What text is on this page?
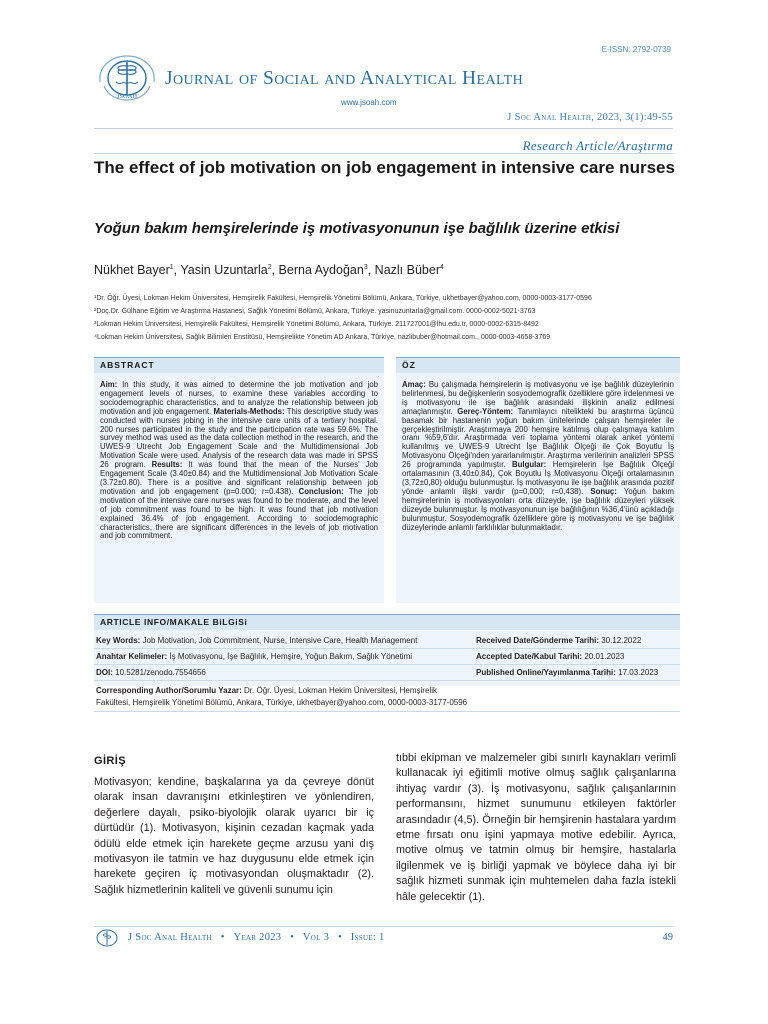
E-ISSN: 2792-0739
JSOAH
Journal of Social and Analytical Health
www.jsoah.com
J Soc Anal Health, 2023, 3(1):49-55
Research Article/Araştırma
The effect of job motivation on job engagement in intensive care nurses
Yoğun bakım hemşirelerinde iş motivasyonunun işe bağlılık üzerine etkisi
Nükhet Bayer$^1$, Yasin Uzuntarla$^2$, Berna Aydoğan$^3$, Nazlı Büber$^4$
¹Dr. Öğr. Üyesi, Lokman Hekim Üniversitesi, Hemşirelik Fakültesi, Hemşirelik Yönetimi Bölümü, Ankara, Türkiye, ukhetbayer@yahoo.com, 0000-0003-3177-0596
²Doç.Dr. Gülhane Eğitim ve Araştırma Hastanesi, Sağlık Yönetimi Bölümü, Ankara, Türkiye. yasinuzuntarla@gmail.com. 0000-0002-5021-3763
³Lokman Hekim Üniversitesi, Hemşirelik Fakültesi, Hemşirelik Yönetimi Bölümü, Ankara, Türkiye. 211727001@lhu.edu.tr, 0000-0002-6315-8492
⁴Lokman Hekim Üniversitesi, Sağlık Bilimleri Enstitüsü, Hemşirelikte Yönetim AD Ankara, Türkiye, nazlibuber@hotmail.com., 0000-0003-4658-3769
ABSTRACT
Aim: In this study, it was aimed to determine the job motivation and job engagement levels of nurses, to examine these variables according to sociodemographic characteristics, and to analyze the relationship between job motivation and job engagement. Materials-Methods: This descriptive study was conducted with nurses jobing in the intensive care units of a tertiary hospital. 200 nurses participated in the study and the participation rate was 59.6%. The survey method was used as the data collection method in the research, and the UWES-9 Utrecht Job Engagement Scale and the Multidimensional Job Motivation Scale were used. Analysis of the research data was made in SPSS 26 program. Results: It was found that the mean of the Nurses' Job Engagement Scale (3.40±0.84) and the Multidimensional Job Motivation Scale (3.72±0.80). There is a positive and significant relationship between job motivation and job engagement (p=0.000; r=0.438). Conclusion: The job motivation of the intensive care nurses was found to be moderate, and the level of job commitment was found to be high. It was found that job motivation explained 36.4% of job engagement. According to sociodemographic characteristics, there are significant differences in the levels of job motivation and job commitment.
ÖZ
Amaç: Bu çalışmada hemşirelerin iş motivasyonu ve işe bağlılık düzeylerinin belirlenmesi, bu değişkenlerin sosyodemografik özelliklere göre irdelenmesi ve iş motivasyonu ile işe bağlılık arasındaki ilişkinin analiz edilmesi amaçlanmıştır. Gereç-Yöntem: Tanımlayıcı nitelikteki bu araştırma üçüncü basamak bir hastanenin yoğun bakım ünitelerinde çalışan hemşireler ile gerçekleştirilmiştir. Araştırmaya 200 hemşire katılmış olup çalışmaya katılım oranı %59,6'dır. Araştırmada veri toplama yöntemi olarak anket yöntemi kullanılmış ve UWES-9 Utrecht İşe Bağlılık Ölçeği ile Çok Boyutlu İş Motivasyonu Ölçeği'nden yararlanılmıştır. Araştırma verilerinin analizleri SPSS 26 programında yapılmıştır. Bulgular: Hemşirelerin İşe Bağlılık Ölçeği ortalamasının (3,40±0,84), Çok Boyutlu İş Motivasyonu Ölçeği ortalamasının (3,72±0,80) olduğu bulunmuştur. İş motivasyonu ile işe bağlılık arasında pozitif yönde anlamlı ilişki vardır (p=0,000; r=0,438). Sonuç: Yoğun bakım hemşirelerinin iş motivasyonları orta düzeyde, işe bağlılık düzeyleri yüksek düzeyde bulunmuştur. İş motivasyonunun işe bağlılığının %36,4'ünü açıkladığı bulunmuştur. Sosyodemografik özelliklere göre iş motivasyonu ve işe bağlılık düzeylerinde anlamlı farklılıklar bulunmaktadır.
ARTICLE INFO/MAKALE BiLGiSi
Key Words: Job Motivation, Job Commitment, Nurse, Intensive Care, Health Management
Anahtar Kelimeler: İş Motivasyonu, İşe Bağlılık, Hemşire, Yoğun Bakım, Sağlık Yönetimi
DOI: 10.5281/zenodo.7554656
Corresponding Author/Sorumlu Yazar: Dr. Öğr. Üyesi, Lokman Hekim Üniversitesi, Hemşirelik
Fakültesi, Hemşirelik Yönetimi Bölümü, Ankara, Türkiye, ukhetbayer@yahoo.com, 0000-0003-3177-0596
Received Date/Gönderme Tarihi: 30.12.2022
Accepted Date/Kabul Tarihi: 20.01.2023
Published Online/Yayımlanma Tarihi: 17.03.2023
GİRİŞ
Motivasyon; kendine, başkalarına ya da çevreye dönüt olarak insan davranışını etkinleştiren ve yönlendiren, değerlere dayalı, psiko-biyolojik olarak uyarıcı bir iç dürtüdür (1). Motivasyon, kişinin cezadan kaçmak yada ödülü elde etmek için harekete geçme arzusu yani dış motivasyon ile tatmin ve haz duygusunu elde etmek için harekete geçiren iç motivasyondan oluşmaktadır (2). Sağlık hizmetlerinin kaliteli ve güvenli sunumu için
tıbbi ekipman ve malzemeler gibi sınırlı kaynakları verimli kullanacak iyi eğitimli motive olmuş sağlık çalışanlarına ihtiyaç vardır (3). İş motivasyonu, sağlık çalışanlarının performansını, hizmet sunumunu etkileyen faktörler arasındadır (4,5). Örneğin bir hemşirenin hastalara yardım etme fırsatı onu işini yapmaya motive edebilir. Ayrıca, motive olmuş ve tatmin olmuş bir hemşire, hastalarla ilgilenmek ve iş birliği yapmak ve böylece daha iyi bir sağlık hizmeti sunmak için muhtemelen daha fazla istekli hâle gelecektir (1).
J Soc Anal Health • Year 2023 • Vol 3 • Issue: 1	49
